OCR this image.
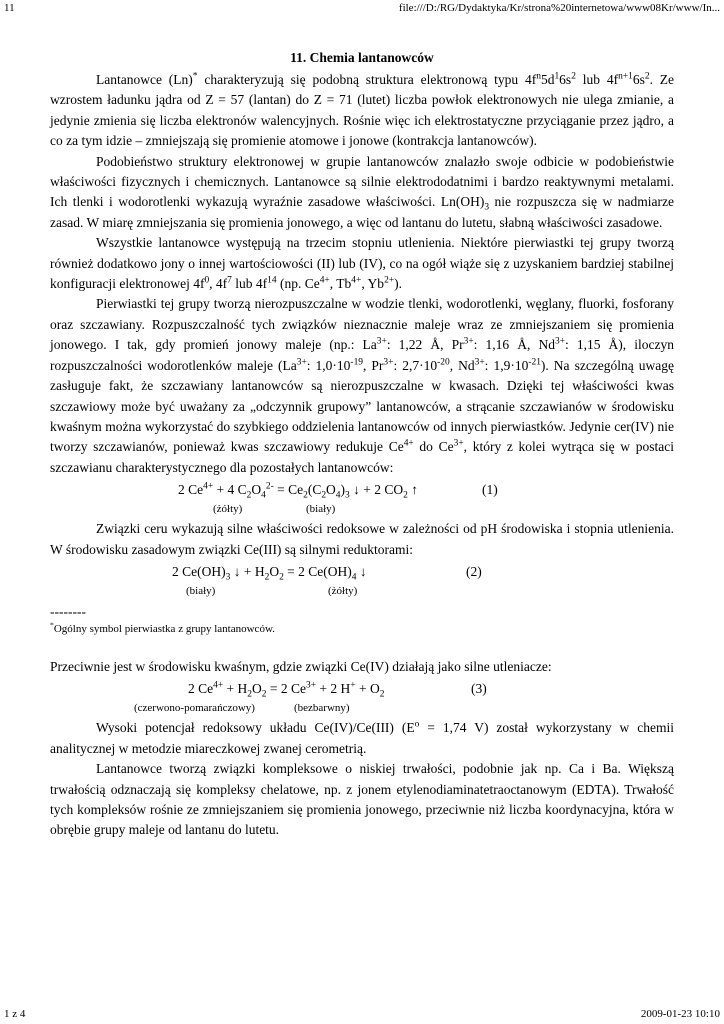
11	file:///D:/RG/Dydaktyka/Kr/strona%20internetowa/www08Kr/www/In...
11. Chemia lantanowców

Lantanowce (Ln)* charakteryzują się podobną struktura elektronową typu $4f^n5d^16s^2$ lub $4f^{n+1}6s^2$. Ze wzrostem ładunku jądra od Z = 57 (lantan) do Z = 71 (lutet) liczba powłok elektronowych nie ulega zmianie, a jedynie zmienia się liczba elektronów walencyjnych. Rośnie więc ich elektrostatyczne przyciąganie przez jądro, a co za tym idzie – zmniejszają się promienie atomowe i jonowe (kontrakcja lantanowców).

Podobieństwo struktury elektronowej w grupie lantanowców znalazło swoje odbicie w podobieństwie właściwości fizycznych i chemicznych. Lantanowce są silnie elektrododatnimi i bardzo reaktywnymi metalami. Ich tlenki i wodorotlenki wykazują wyraźnie zasadowe właściwości. $Ln(OH)_3$ nie rozpuszcza się w nadmiarze zasad. W miarę zmniejszania się promienia jonowego, a więc od lantanu do lutetu, słabną właściwości zasadowe.

Wszystkie lantanowce występują na trzecim stopniu utlenienia. Niektóre pierwiastki tej grupy tworzą również dodatkowo jony o innej wartościowości (II) lub (IV), co na ogół wiąże się z uzyskaniem bardziej stabilnej konfiguracji elektronowej $4f^0$, $4f^7$ lub $4f^{14}$ (np. $Ce^{4+}$, $Tb^{4+}$, $Yb^{2+}$).

Pierwiastki tej grupy tworzą nierozpuszczalne w wodzie tlenki, wodorotlenki, węglany, fluorki, fosforany oraz szczawiany. Rozpuszczalność tych związków nieznacznie maleje wraz ze zmniejszaniem się promienia jonowego. I tak, gdy promień jonowy maleje (np.: $La^{3+}$: 1,22 Å, $Pr^{3+}$: 1,16 Å, $Nd^{3+}$: 1,15 Å), iloczyn rozpuszczalności wodorotlenków maleje ($La^{3+}$: $1,0\cdot 10^{-19}$, $Pr^{3+}$: $2,7\cdot 10^{-20}$, $Nd^{3+}$: $1,9\cdot 10^{-21}$). Na szczególną uwagę zasługuje fakt, że szczawiany lantanowców są nierozpuszczalne w kwasach. Dzięki tej właściwości kwas szczawiowy może być uważany za „odczynnik grupowy” lantanowców, a strącanie szczawianów w środowisku kwaśnym można wykorzystać do szybkiego oddzielenia lantanowców od innych pierwiastków. Jedynie cer(IV) nie tworzy szczawianów, ponieważ kwas szczawiowy redukuje $Ce^{4+}$ do $Ce^{3+}$, który z kolei wytrąca się w postaci szczawianu charakterystycznego dla pozostałych lantanowców:

2 $Ce^{4+} + 4$ $C_2O_4^{2-} = Ce_2(C_2O_4)_3$ ↓ + 2 $CO_2$ ↑	(1)
(żółty)	(biały)

Związki ceru wykazują silne właściwości redoksowe w zależności od pH środowiska i stopnia utlenienia. W środowisku zasadowym związki Ce(III) są silnymi reduktorami:

2 $Ce(OH)_3$ ↓ + $H_2O_2 = 2$ $Ce(OH)_4$ ↓	(2)
(biały)	(żółty)
--------
*Ogólny symbol pierwiastka z grupy lantanowców.

Przeciwnie jest w środowisku kwaśnym, gdzie związki Ce(IV) działają jako silne utleniacze:

2 $Ce^{4+} + H_2O_2 = 2$ $Ce^{3+} + 2$ $H^+ + O_2$	(3)
(czerwono-pomarańczowy)	(bezbarwny)

Wysoki potencjał redoksowy układu Ce(IV)/Ce(III) ($E^o = 1,74$ V) został wykorzystany w chemii analitycznej w metodzie miareczkowej zwanej cerometrią.

Lantanowce tworzą związki kompleksowe o niskiej trwałości, podobnie jak np. Ca i Ba. Większą trwałością odznaczają się kompleksy chelatowe, np. z jonem etylenodiaminatetraoctanowym (EDTA). Trwałość tych kompleksów rośnie ze zmniejszaniem się promienia jonowego, przeciwnie niż liczba koordynacyjna, która w obrębie grupy maleje od lantanu do lutetu.

1 z 4	2009-01-23 10:10
